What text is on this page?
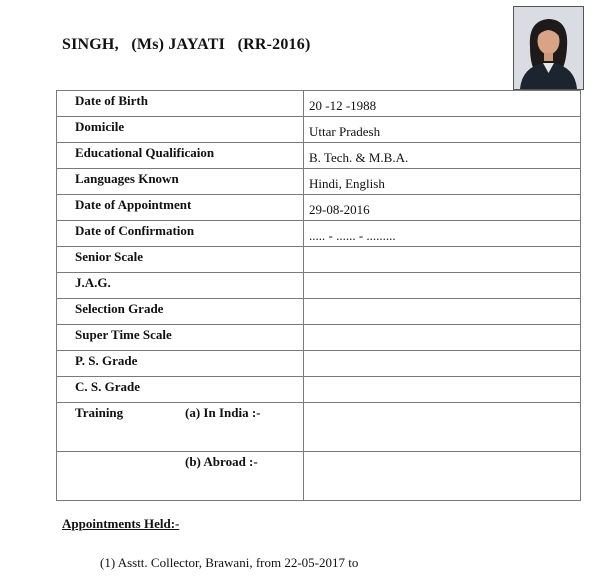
SINGH,   (Ms) JAYATI   (RR-2016)
Date of Birth	20 -12 -1988
Domicile	Uttar Pradesh
Educational Qualificaion	B. Tech. & M.B.A.
Languages Known	Hindi, English
Date of Appointment	29-08-2016
Date of Confirmation	..... - ...... - .........
Senior Scale	
J.A.G.	
Selection Grade	
Super Time Scale	
P. S. Grade	
C. S. Grade	
Training (a) In India :-	
(b) Abroad :-	
Appointments Held:-
(1) Asstt. Collector, Brawani, from 22-05-2017 to
